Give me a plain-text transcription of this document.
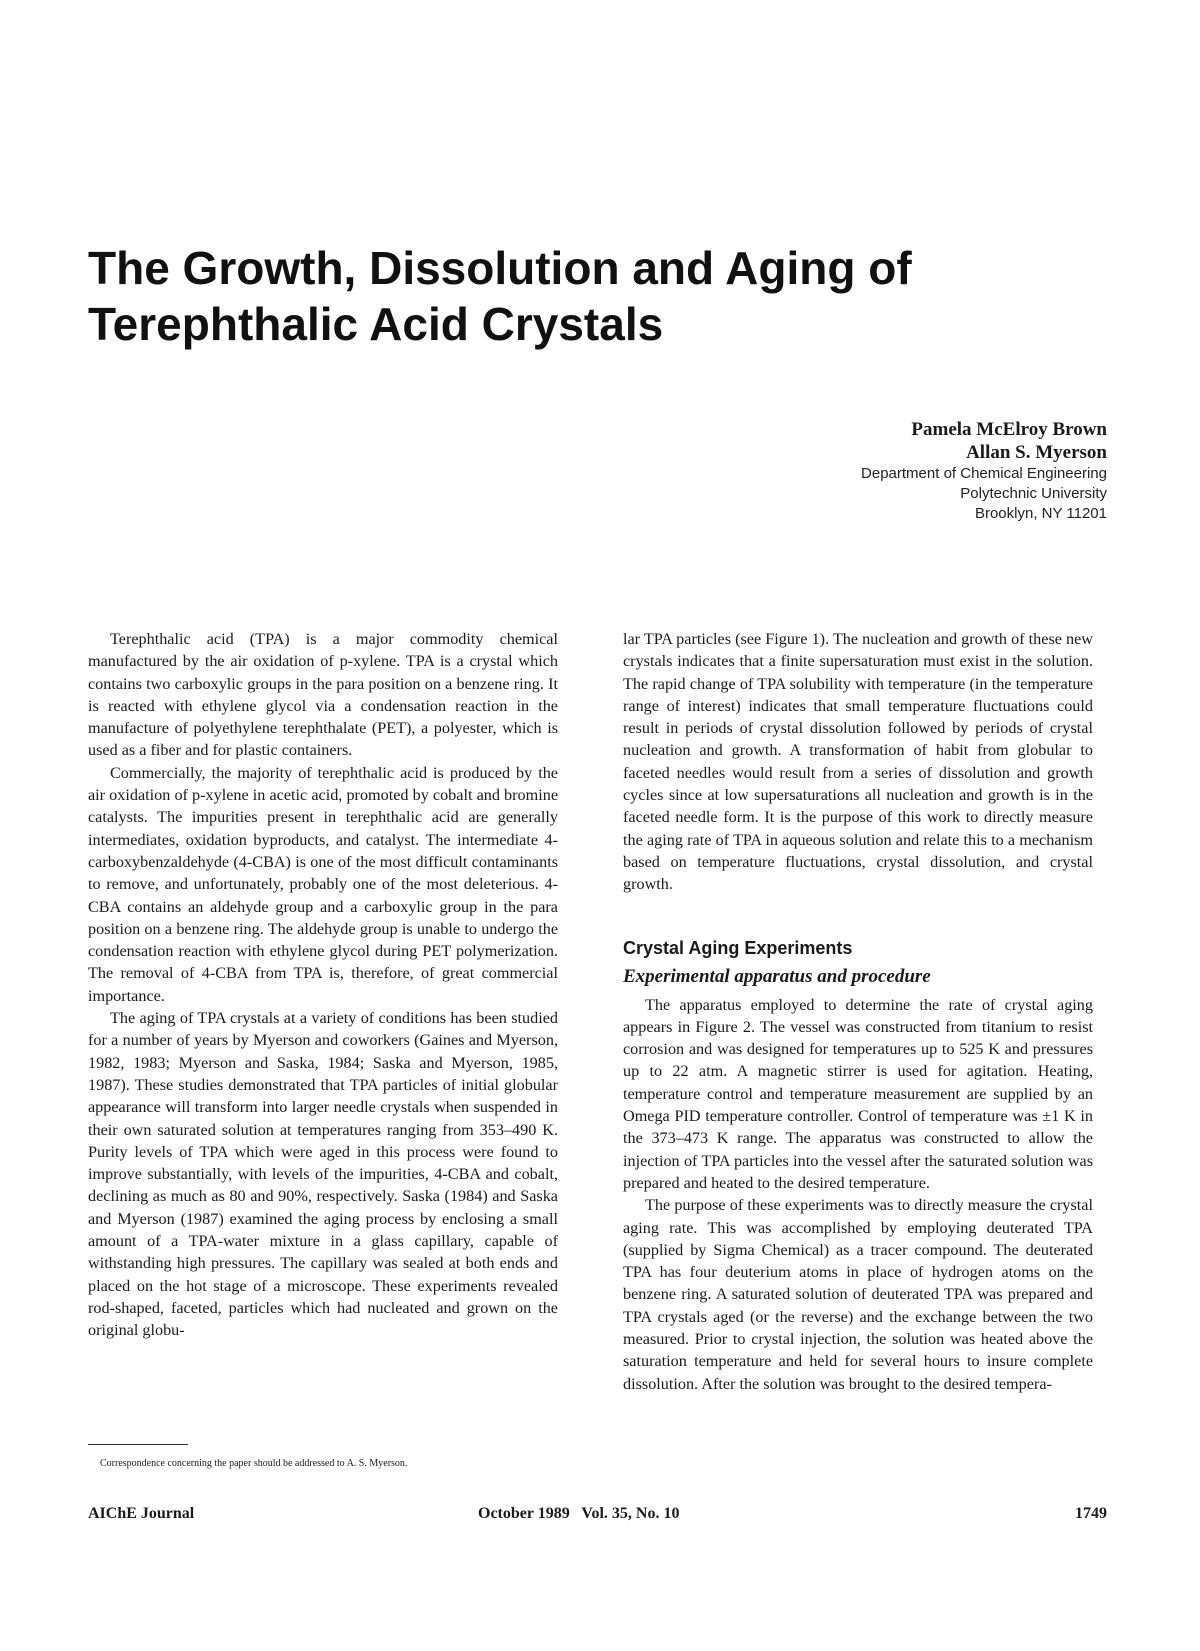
The Growth, Dissolution and Aging of
Terephthalic Acid Crystals
Pamela McElroy Brown
Allan S. Myerson
Department of Chemical Engineering
Polytechnic University
Brooklyn, NY 11201

Terephthalic acid (TPA) is a major commodity chemical manufactured by the air oxidation of p-xylene. TPA is a crystal which contains two carboxylic groups in the para position on a benzene ring. It is reacted with ethylene glycol via a condensation reaction in the manufacture of polyethylene terephthalate (PET), a polyester, which is used as a fiber and for plastic containers.

Commercially, the majority of terephthalic acid is produced by the air oxidation of p-xylene in acetic acid, promoted by cobalt and bromine catalysts. The impurities present in terephthalic acid are generally intermediates, oxidation byproducts, and catalyst. The intermediate 4-carboxybenzaldehyde (4-CBA) is one of the most difficult contaminants to remove, and unfortunately, probably one of the most deleterious. 4-CBA contains an aldehyde group and a carboxylic group in the para position on a benzene ring. The aldehyde group is unable to undergo the condensation reaction with ethylene glycol during PET polymerization. The removal of 4-CBA from TPA is, therefore, of great commercial importance.

The aging of TPA crystals at a variety of conditions has been studied for a number of years by Myerson and coworkers (Gaines and Myerson, 1982, 1983; Myerson and Saska, 1984; Saska and Myerson, 1985, 1987). These studies demonstrated that TPA particles of initial globular appearance will transform into larger needle crystals when suspended in their own saturated solution at temperatures ranging from 353–490 K. Purity levels of TPA which were aged in this process were found to improve substantially, with levels of the impurities, 4-CBA and cobalt, declining as much as 80 and 90%, respectively. Saska (1984) and Saska and Myerson (1987) examined the aging process by enclosing a small amount of a TPA-water mixture in a glass capillary, capable of withstanding high pressures. The capillary was sealed at both ends and placed on the hot stage of a microscope. These experiments revealed rod-shaped, faceted, particles which had nucleated and grown on the original globu-

lar TPA particles (see Figure 1). The nucleation and growth of these new crystals indicates that a finite supersaturation must exist in the solution. The rapid change of TPA solubility with temperature (in the temperature range of interest) indicates that small temperature fluctuations could result in periods of crystal dissolution followed by periods of crystal nucleation and growth. A transformation of habit from globular to faceted needles would result from a series of dissolution and growth cycles since at low supersaturations all nucleation and growth is in the faceted needle form. It is the purpose of this work to directly measure the aging rate of TPA in aqueous solution and relate this to a mechanism based on temperature fluctuations, crystal dissolution, and crystal growth.

Crystal Aging Experiments
Experimental apparatus and procedure

The apparatus employed to determine the rate of crystal aging appears in Figure 2. The vessel was constructed from titanium to resist corrosion and was designed for temperatures up to 525 K and pressures up to 22 atm. A magnetic stirrer is used for agitation. Heating, temperature control and temperature measurement are supplied by an Omega PID temperature controller. Control of temperature was ±1 K in the 373–473 K range. The apparatus was constructed to allow the injection of TPA particles into the vessel after the saturated solution was prepared and heated to the desired temperature.

The purpose of these experiments was to directly measure the crystal aging rate. This was accomplished by employing deuterated TPA (supplied by Sigma Chemical) as a tracer compound. The deuterated TPA has four deuterium atoms in place of hydrogen atoms on the benzene ring. A saturated solution of deuterated TPA was prepared and TPA crystals aged (or the reverse) and the exchange between the two measured. Prior to crystal injection, the solution was heated above the saturation temperature and held for several hours to insure complete dissolution. After the solution was brought to the desired tempera-

Correspondence concerning the paper should be addressed to A. S. Myerson.
AIChE Journal	October 1989   Vol. 35, No. 10	1749
